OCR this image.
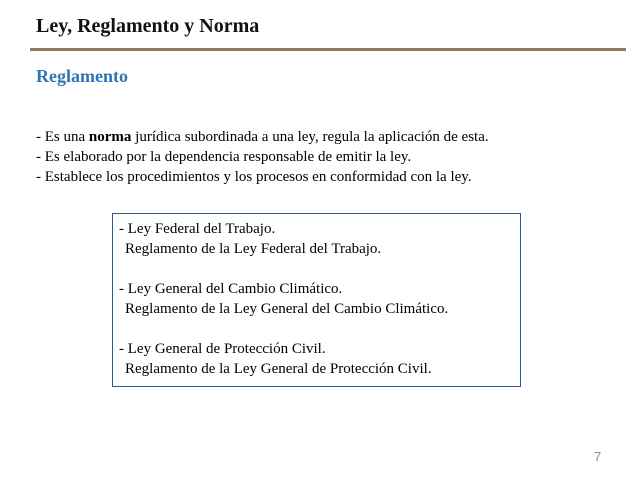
Ley, Reglamento y Norma
Reglamento
- Es una norma jurídica subordinada a una ley, regula la aplicación de esta.
- Es elaborado por la dependencia responsable de emitir la ley.
- Establece los procedimientos y los procesos en conformidad con la ley.
- Ley Federal del Trabajo.
Reglamento de la Ley Federal del Trabajo.
- Ley General del Cambio Climático.
Reglamento de la Ley General del Cambio Climático.
- Ley General de Protección Civil.
Reglamento de la Ley General de Protección Civil.
7
